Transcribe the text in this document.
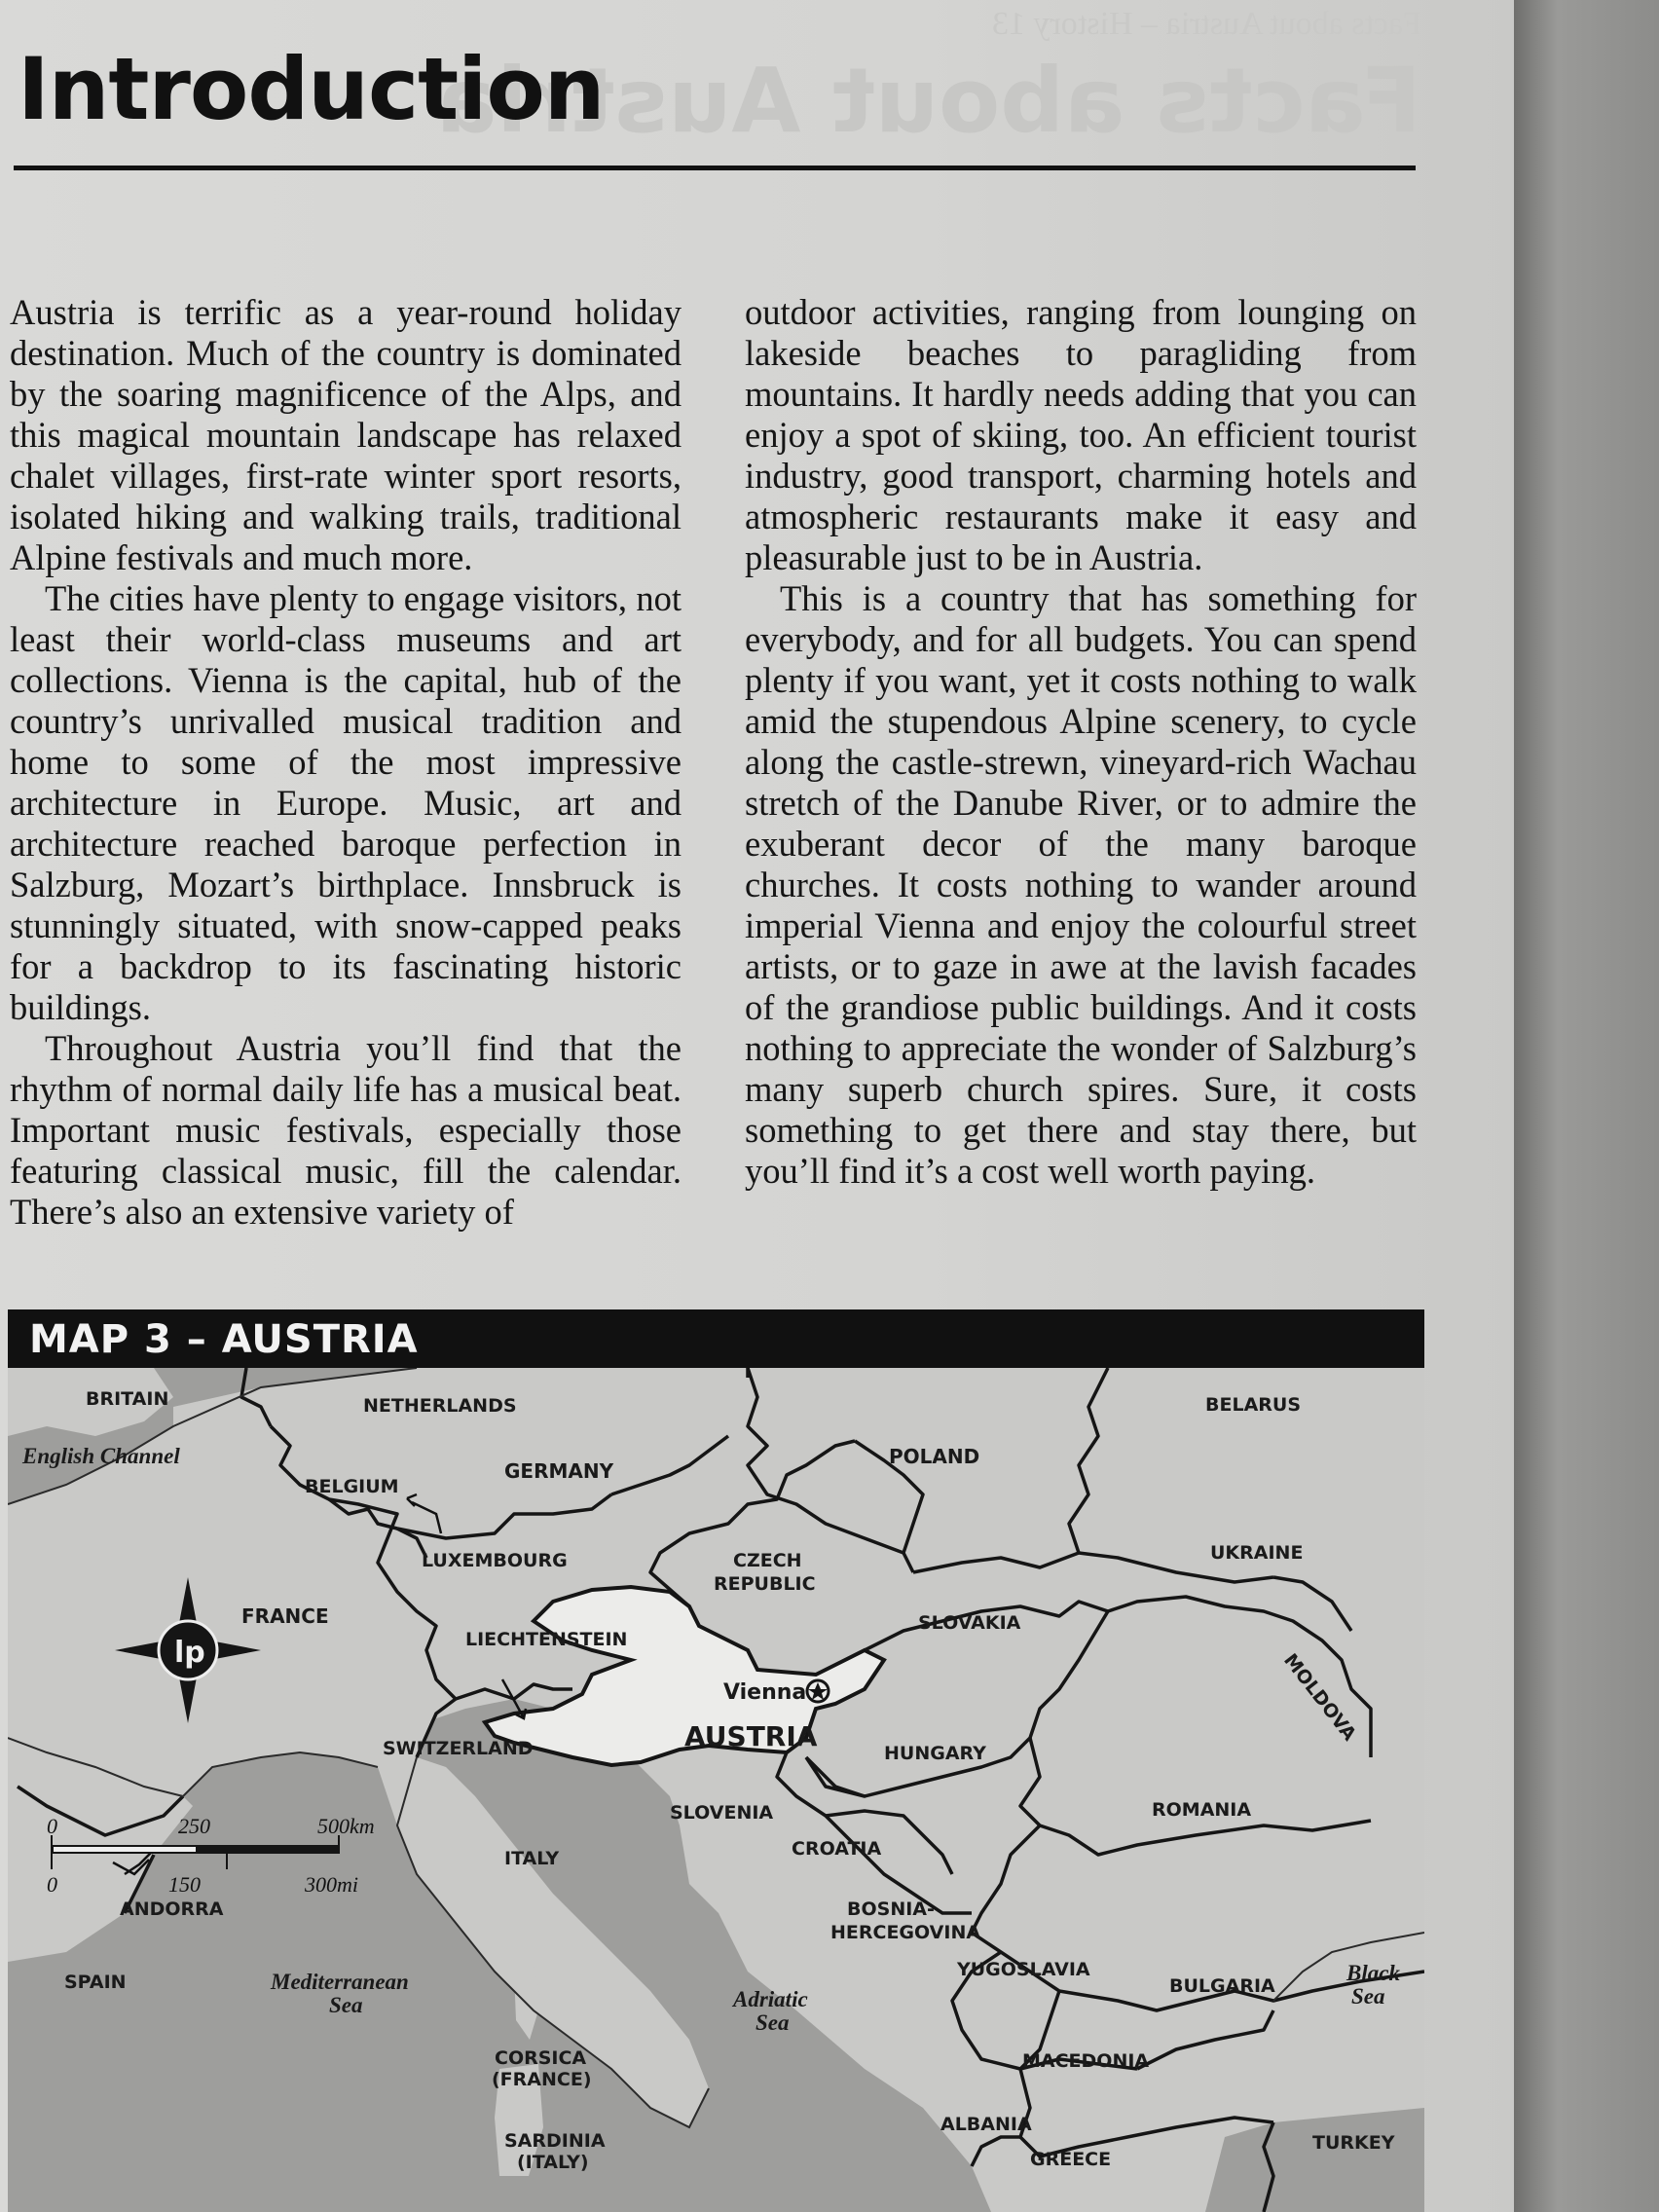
Facts about Austria – History 13
Facts about Austria
Introduction

Austria is terrific as a year-round holiday destination. Much of the country is dominated by the soaring magnificence of the Alps, and this magical mountain landscape has relaxed chalet villages, first-rate winter sport resorts, isolated hiking and walking trails, traditional Alpine festivals and much more.

The cities have plenty to engage visitors, not least their world-class museums and art collections. Vienna is the capital, hub of the country’s unrivalled musical tradition and home to some of the most impressive architecture in Europe. Music, art and architecture reached baroque perfection in Salzburg, Mozart’s birthplace. Innsbruck is stunningly situated, with snow-capped peaks for a backdrop to its fascinating historic buildings.

Throughout Austria you’ll find that the rhythm of normal daily life has a musical beat. Important music festivals, especially those featuring classical music, fill the calendar. There’s also an extensive variety of

outdoor activities, ranging from lounging on lakeside beaches to paragliding from mountains. It hardly needs adding that you can enjoy a spot of skiing, too. An efficient tourist industry, good transport, charming hotels and atmospheric restaurants make it easy and pleasurable just to be in Austria.

This is a country that has something for everybody, and for all budgets. You can spend plenty if you want, yet it costs nothing to walk amid the stupendous Alpine scenery, to cycle along the castle-strewn, vineyard-rich Wachau stretch of the Danube River, or to admire the exuberant decor of the many baroque churches. It costs nothing to wander around imperial Vienna and enjoy the colourful street artists, or to gaze in awe at the lavish facades of the grandiose public buildings. And it costs nothing to appreciate the wonder of Salzburg’s many superb church spires. Sure, it costs something to get there and stay there, but you’ll find it’s a cost well worth paying.

MAP 3 – AUSTRIA
lp
0	250	500km
0	150	300mi
BRITAIN	NETHERLANDS	BELARUS
POLAND
GERMANY
BELGIUM
LUXEMBOURG	CZECH
REPUBLIC
UKRAINE
FRANCE	SLOVAKIA
LIECHTENSTEIN
MOLDOVA
Vienna
AUSTRIA
SWITZERLAND	HUNGARY
ROMANIA
SLOVENIA
CROATIA
ITALY
ANDORRA	BOSNIA-
HERCEGOVINA
YUGOSLAVIA
BULGARIA
SPAIN
CORSICA
(FRANCE)
MACEDONIA
ALBANIA
SARDINIA
(ITALY)	GREECE
TURKEY
English Channel
Mediterranean
Sea	Adriatic
Sea
Black
Sea
